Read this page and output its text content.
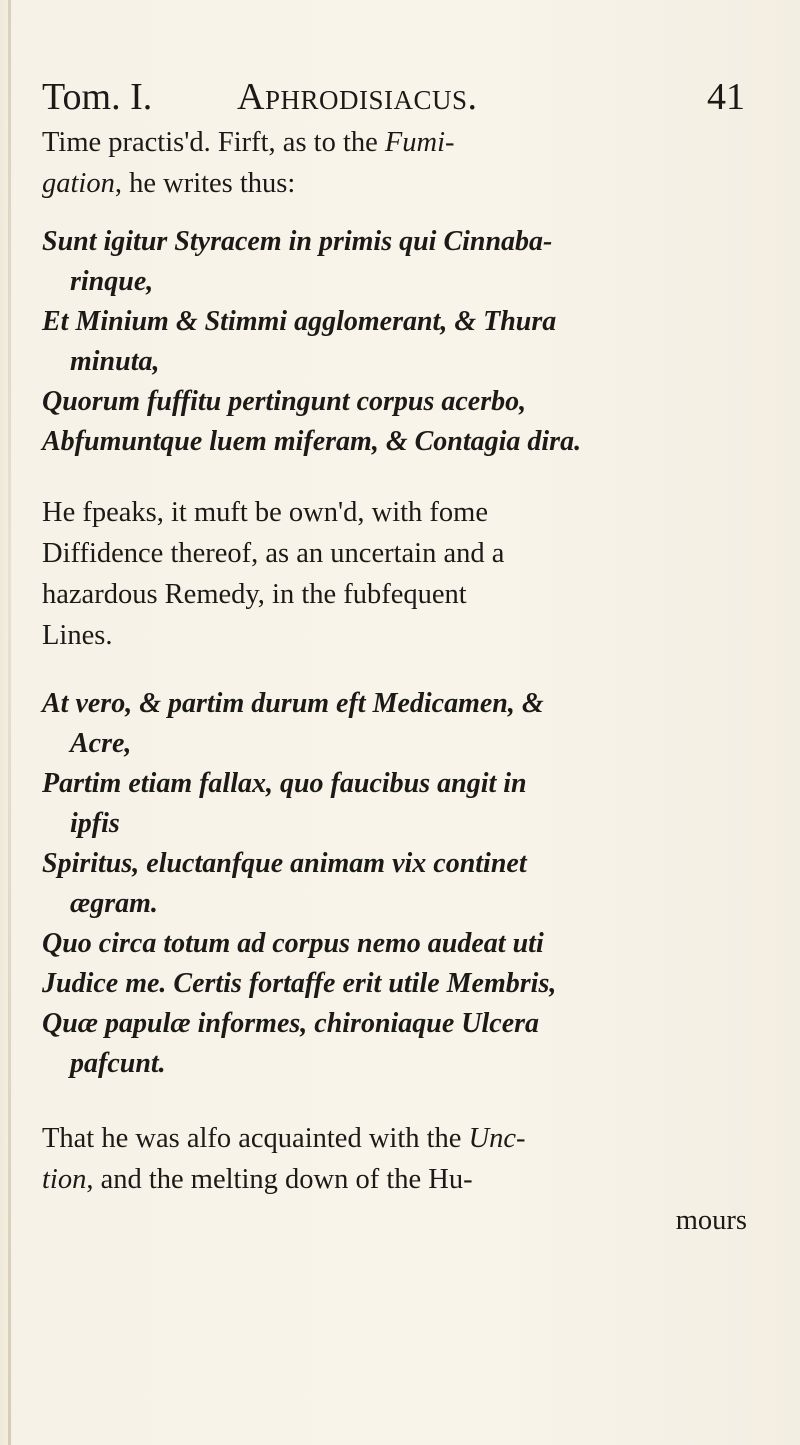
Tom. I. Aphrodisiacus.	41

Time practis'd. Firft, as to the Fumi-
gation, he writes thus:

Sunt igitur Styracem in primis qui Cinnaba-
rinque,
Et Minium & Stimmi agglomerant, & Thura
minuta,
Quorum fuffitu pertingunt corpus acerbo,
Abfumuntque luem miferam, & Contagia dira.

He fpeaks, it muft be own'd, with fome
Diffidence thereof, as an uncertain and a
hazardous Remedy, in the fubfequent
Lines.

At vero, & partim durum eft Medicamen, &
Acre,
Partim etiam fallax, quo faucibus angit in
ipfis
Spiritus, eluctanfque animam vix continet
ægram.
Quo circa totum ad corpus nemo audeat uti
Judice me. Certis fortaffe erit utile Membris,
Quæ papulæ informes, chironiaque Ulcera
pafcunt.

That he was alfo acquainted with the Unc-
tion, and the melting down of the Hu-
mours
